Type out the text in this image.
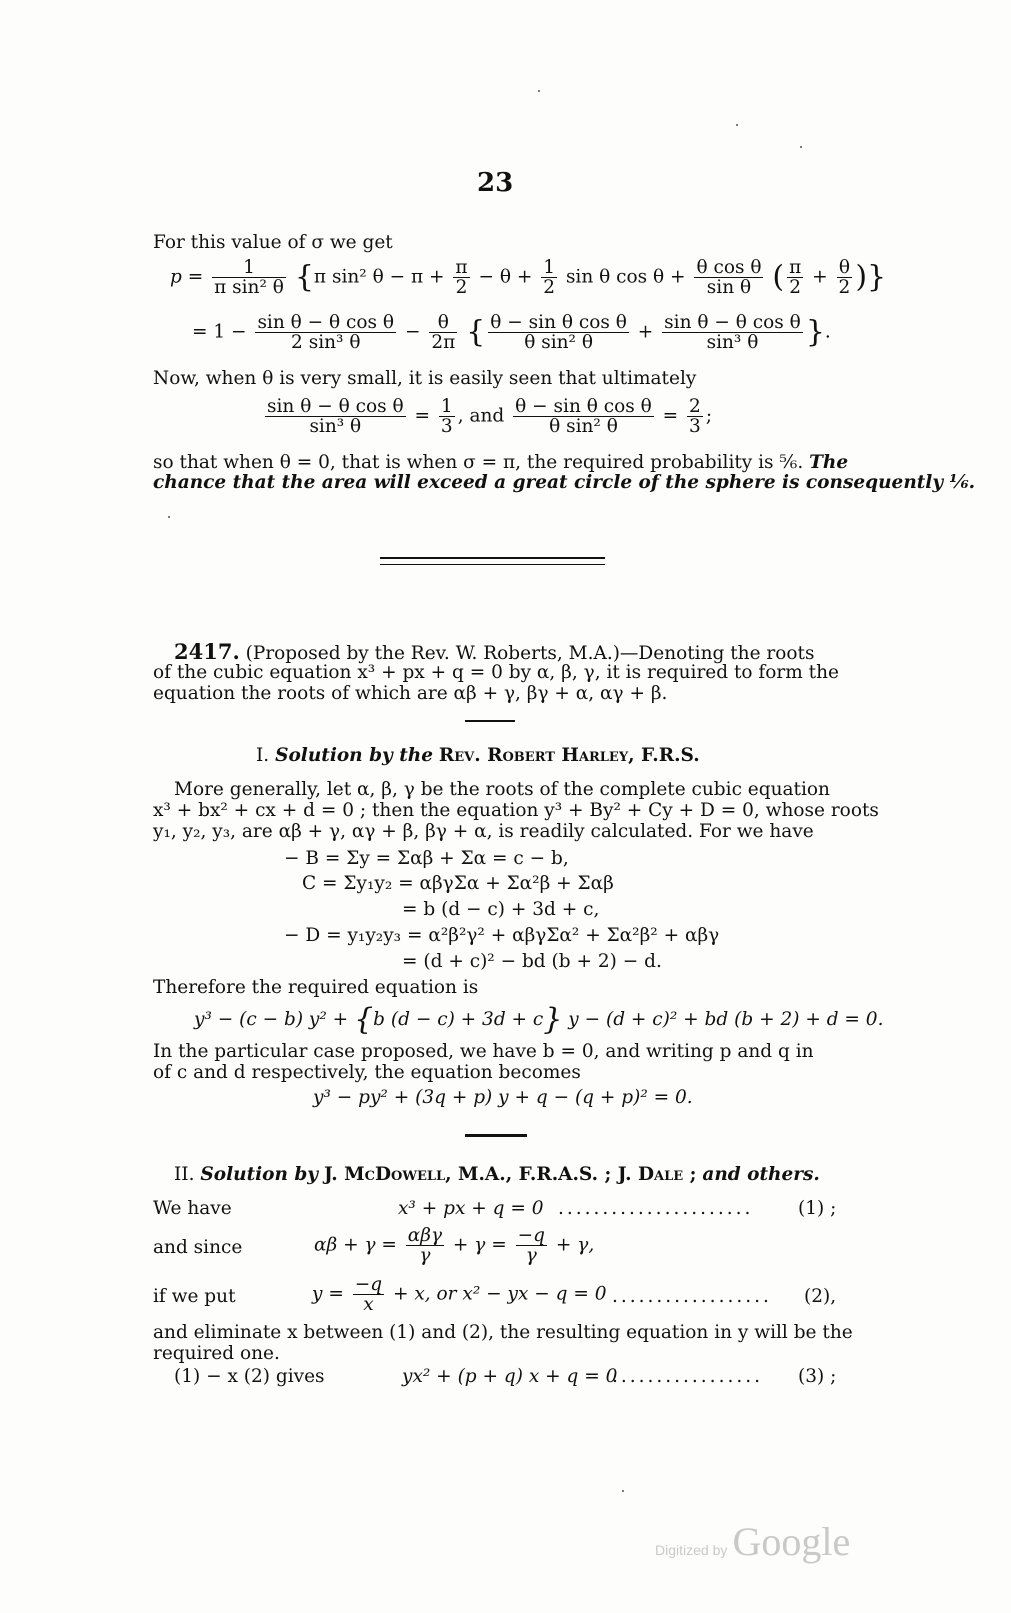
23
For this value of σ we get
$p = \frac{1}{\text{π sin² θ}} \{\pi$ sin² $\theta - \pi + \frac{\pi}{2} - \theta + \frac{1}{2}$ sin θ $\cos \theta + \frac{\text{θ cos θ}}{\text{sin θ}}$ ( $\frac{\pi}{2} + \frac{\theta}{2}$ )}
= $1 - \frac{\text{sin θ − θ cos θ}}{\text{2 sin³ θ}} - \frac{\theta}{2\pi}$ { $\frac{\text{θ − sin θ cos θ}}{\text{θ sin² θ}} + \frac{\text{sin θ − θ cos θ}}{\text{sin³ θ}}$ }.
Now, when θ is very small, it is easily seen that ultimately
$\frac{\text{sin θ − θ cos θ}}{\text{sin³ θ}} = \frac{1}{3}$ , and $\frac{\text{θ − sin θ cos θ}}{\text{θ sin² θ}} = \frac{2}{3}$ ;
so that when θ = 0, that is when σ = π, the required probability is ⅚. The
chance that the area will exceed a great circle of the sphere is consequently ⅙.
2417. (Proposed by the Rev. W. Roberts, M.A.)—Denoting the roots
of the cubic equation x³ + px + q = 0 by α, β, γ, it is required to form the
equation the roots of which are αβ + γ, βγ + α, αγ + β.
I. Solution by the Rev. Robert Harley, F.R.S.
More generally, let α, β, γ be the roots of the complete cubic equation
x³ + bx² + cx + d = 0 ; then the equation y³ + By² + Cy + D = 0, whose roots
y₁, y₂, y₃, are αβ + γ, αγ + β, βγ + α, is readily calculated. For we have
− B = Σy = Σαβ + Σα = c − b,
C = Σy₁y₂ = αβγΣα + Σα²β + Σαβ
= b (d − c) + 3d + c,
− D = y₁y₂y₃ = α²β²γ² + αβγΣα² + Σα²β² + αβγ
= (d + c)² − bd (b + 2) − d.
Therefore the required equation is
y³ − (c − b) y² + {b (d − c) + 3d + c} y − (d + c)² + bd (b + 2) + d = 0.
In the particular case proposed, we have b = 0, and writing p and q in
of c and d respectively, the equation becomes
y³ − py² + (3q + p) y + q − (q + p)² = 0.
II. Solution by J. McDowell, M.A., F.R.A.S. ; J. Dale ; and others.
We have	x³ + px + q = 0 ...................... (1) ;
and since	$\alpha\beta + \gamma = \frac{\text{αβγ}}{\gamma} + \gamma = \frac{-q}{\gamma} + \gamma$,
if we put	$y = \frac{-q}{x} + x$, or x² − yx − q = 0 .................. (2),
and eliminate x between (1) and (2), the resulting equation in y will be the
required one.
(1) − x (2) gives	yx² + (p + q) x + q = 0
................. (3) ;
Digitized by Google
